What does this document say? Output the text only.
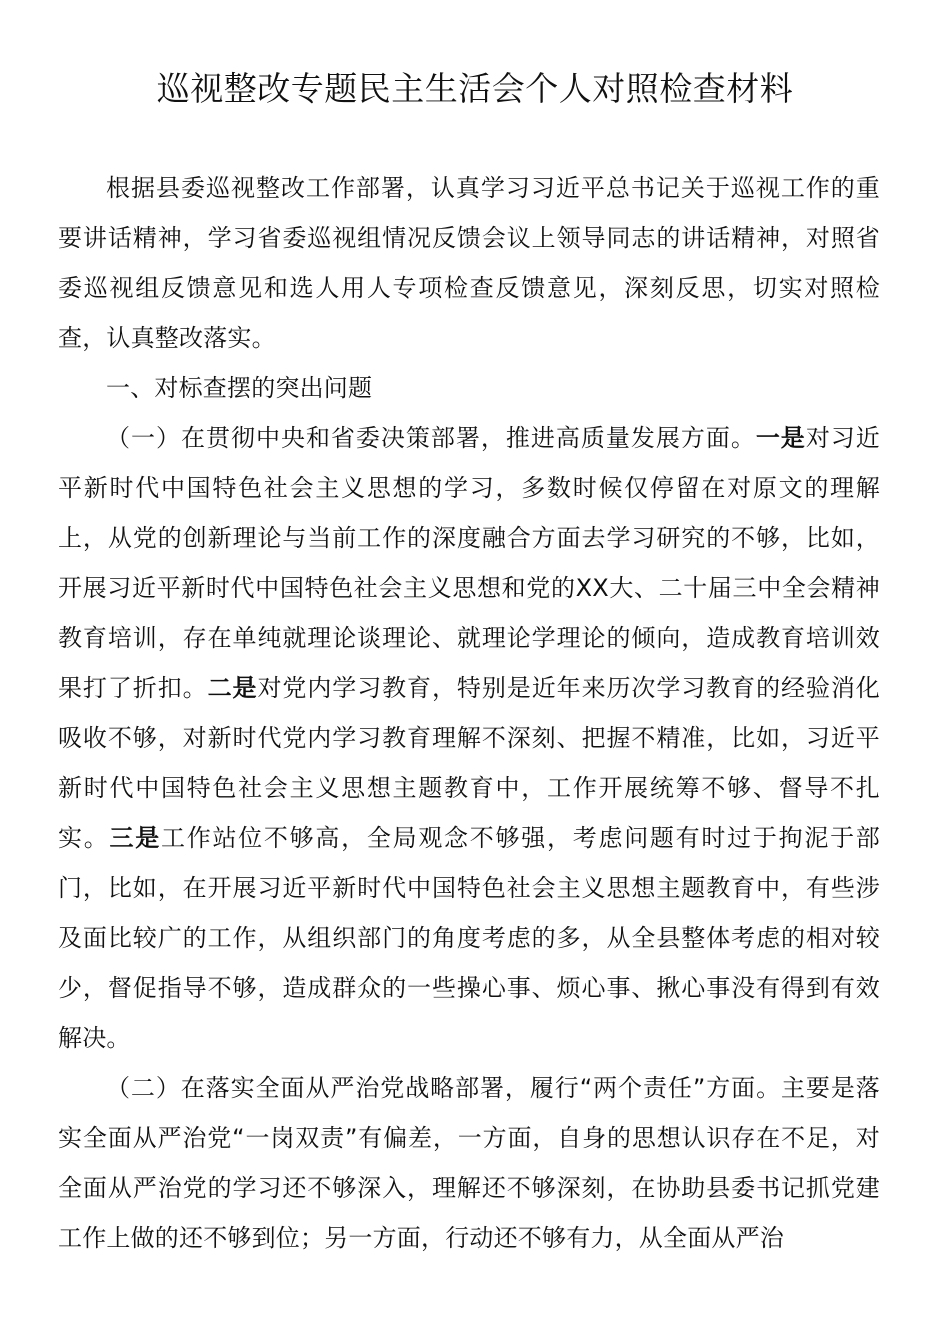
巡视整改专题民主生活会个人对照检查材料

根据县委巡视整改工作部署，认真学习习近平总书记关于巡视工作的重要讲话精神，学习省委巡视组情况反馈会议上领导同志的讲话精神，对照省委巡视组反馈意见和选人用人专项检查反馈意见，深刻反思，切实对照检查，认真整改落实。

一、对标查摆的突出问题

（一）在贯彻中央和省委决策部署，推进高质量发展方面。一是对习近平新时代中国特色社会主义思想的学习，多数时候仅停留在对原文的理解上，从党的创新理论与当前工作的深度融合方面去学习研究的不够，比如，开展习近平新时代中国特色社会主义思想和党的XX大、二十届三中全会精神教育培训，存在单纯就理论谈理论、就理论学理论的倾向，造成教育培训效果打了折扣。二是对党内学习教育，特别是近年来历次学习教育的经验消化吸收不够，对新时代党内学习教育理解不深刻、把握不精准，比如，习近平新时代中国特色社会主义思想主题教育中，工作开展统筹不够、督导不扎实。三是工作站位不够高，全局观念不够强，考虑问题有时过于拘泥于部门，比如，在开展习近平新时代中国特色社会主义思想主题教育中，有些涉及面比较广的工作，从组织部门的角度考虑的多，从全县整体考虑的相对较少，督促指导不够，造成群众的一些操心事、烦心事、揪心事没有得到有效解决。

（二）在落实全面从严治党战略部署，履行“两个责任”方面。主要是落实全面从严治党“一岗双责”有偏差，一方面，自身的思想认识存在不足，对全面从严治党的学习还不够深入，理解还不够深刻，在协助县委书记抓党建工作上做的还不够到位；另一方面，行动还不够有力，从全面从严治
